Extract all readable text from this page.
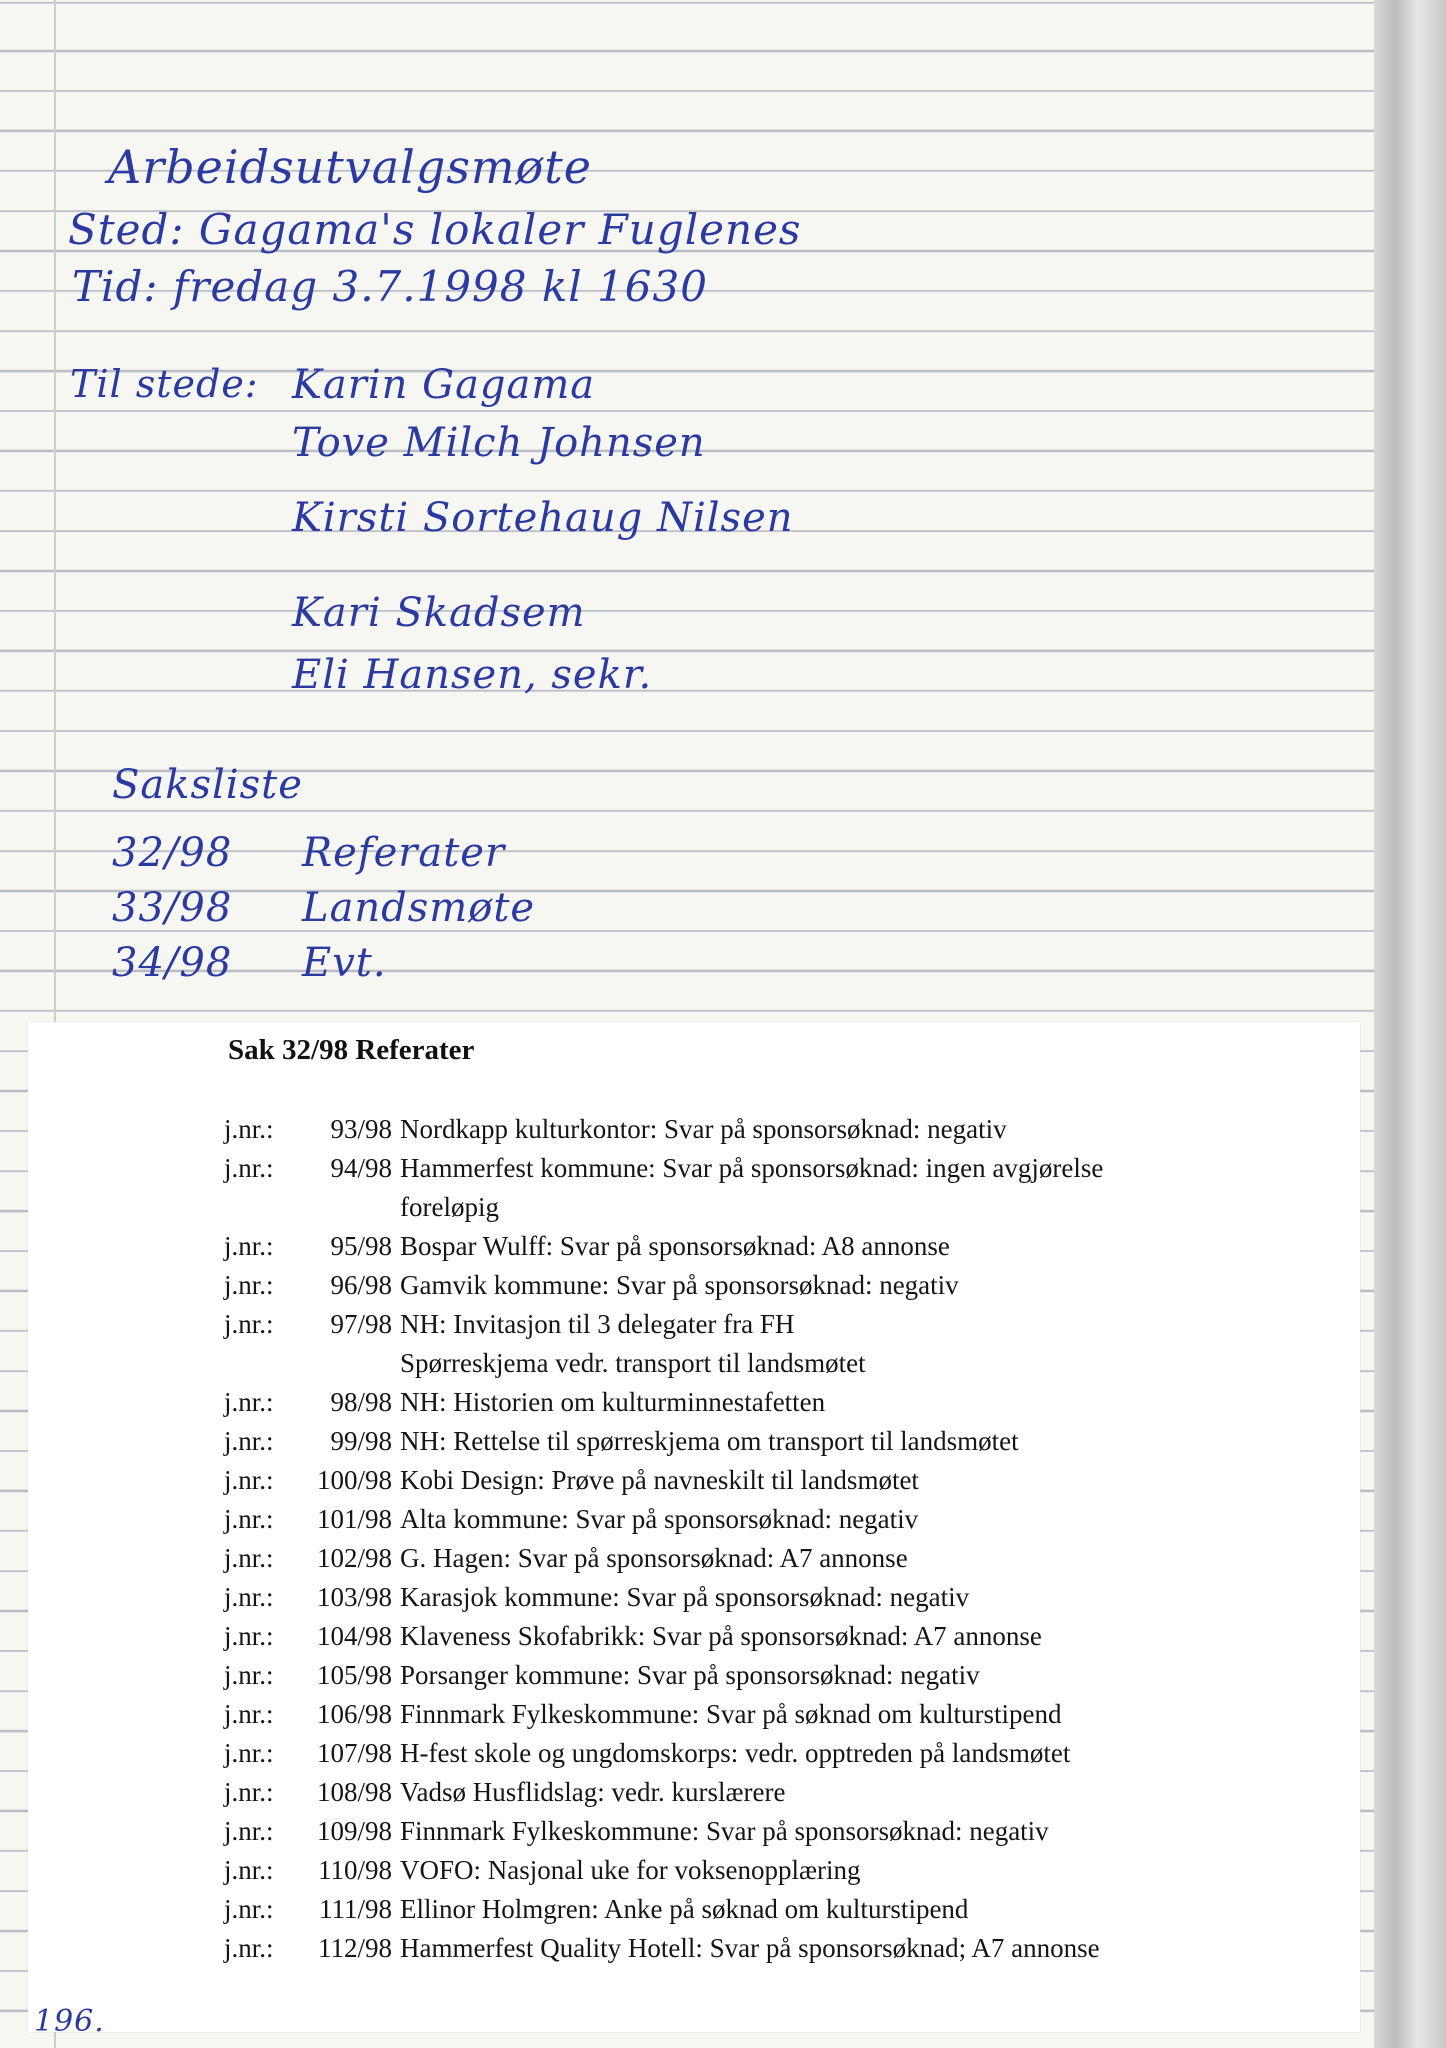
Arbeidsutvalgsmøte
Sted: Gagama's lokaler Fuglenes
Tid: fredag 3.7.1998 kl 1630
Til stede: Karin Gagama
Tove Milch Johnsen
Kirsti Sortehaug Nilsen
Kari Skadsem
Eli Hansen, sekr.
Saksliste
32/98 Referater
33/98 Landsmøte
34/98 Evt.
Sak 32/98 Referater
j.nr.:	93/98 Nordkapp kulturkontor: Svar på sponsorsøknad: negativ
j.nr.:	94/98 Hammerfest kommune: Svar på sponsorsøknad: ingen avgjørelse
foreløpig
j.nr.:	95/98 Bospar Wulff: Svar på sponsorsøknad: A8 annonse
j.nr.:	96/98 Gamvik kommune: Svar på sponsorsøknad: negativ
j.nr.:	97/98 NH: Invitasjon til 3 delegater fra FH
Spørreskjema vedr. transport til landsmøtet
j.nr.:	98/98 NH: Historien om kulturminnestafetten
j.nr.:	99/98 NH: Rettelse til spørreskjema om transport til landsmøtet
j.nr.:	100/98 Kobi Design: Prøve på navneskilt til landsmøtet
j.nr.:	101/98 Alta kommune: Svar på sponsorsøknad: negativ
j.nr.:	102/98 G. Hagen: Svar på sponsorsøknad: A7 annonse
j.nr.:	103/98 Karasjok kommune: Svar på sponsorsøknad: negativ
j.nr.:	104/98 Klaveness Skofabrikk: Svar på sponsorsøknad: A7 annonse
j.nr.:	105/98 Porsanger kommune: Svar på sponsorsøknad: negativ
j.nr.:	106/98 Finnmark Fylkeskommune: Svar på søknad om kulturstipend
j.nr.:	107/98 H-fest skole og ungdomskorps: vedr. opptreden på landsmøtet
j.nr.:	108/98 Vadsø Husflidslag: vedr. kurslærere
j.nr.:	109/98 Finnmark Fylkeskommune: Svar på sponsorsøknad: negativ
j.nr.:	110/98 VOFO: Nasjonal uke for voksenopplæring
j.nr.:	111/98 Ellinor Holmgren: Anke på søknad om kulturstipend
j.nr.:	112/98 Hammerfest Quality Hotell: Svar på sponsorsøknad; A7 annonse
196.
